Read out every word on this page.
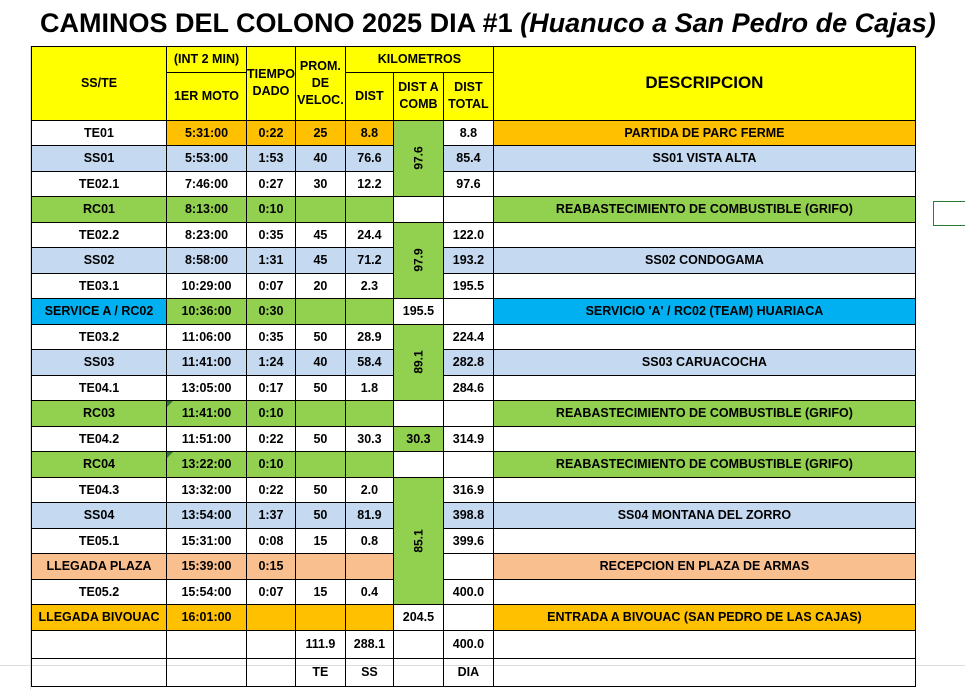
CAMINOS DEL COLONO 2025 DIA #1 (Huanuco a San Pedro de Cajas)
SS/TE	(INT 2 MIN)	TIEMPO DADO	PROM. DE VELOC.	KILOMETROS			DESCRIPCION
	1ER MOTO			DIST	DIST A COMB	DIST TOTAL	
TE01	5:31:00	0:22	25	8.8	97.6	8.8	PARTIDA DE PARC FERME
SS01	5:53:00	1:53	40	76.6		85.4	SS01 VISTA ALTA
TE02.1	7:46:00	0:27	30	12.2		97.6	
RC01	8:13:00	0:10					REABASTECIMIENTO DE COMBUSTIBLE (GRIFO)
TE02.2	8:23:00	0:35	45	24.4	97.9	122.0	
SS02	8:58:00	1:31	45	71.2		193.2	SS02 CONDOGAMA
TE03.1	10:29:00	0:07	20	2.3		195.5	
SERVICE A / RC02	10:36:00	0:30			195.5		SERVICIO 'A' / RC02 (TEAM) HUARIACA
TE03.2	11:06:00	0:35	50	28.9	89.1	224.4	
SS03	11:41:00	1:24	40	58.4		282.8	SS03 CARUACOCHA
TE04.1	13:05:00	0:17	50	1.8		284.6	
RC03	11:41:00	0:10					REABASTECIMIENTO DE COMBUSTIBLE (GRIFO)
TE04.2	11:51:00	0:22	50	30.3	30.3	314.9	
RC04	13:22:00	0:10					REABASTECIMIENTO DE COMBUSTIBLE (GRIFO)
TE04.3	13:32:00	0:22	50	2.0	85.1	316.9	
SS04	13:54:00	1:37	50	81.9		398.8	SS04 MONTANA DEL ZORRO
TE05.1	15:31:00	0:08	15	0.8		399.6	
LLEGADA PLAZA	15:39:00	0:15					RECEPCION EN PLAZA DE ARMAS
TE05.2	15:54:00	0:07	15	0.4		400.0	
LLEGADA BIVOUAC	16:01:00				204.5		ENTRADA A BIVOUAC (SAN PEDRO DE LAS CAJAS)
			111.9	288.1		400.0	
			TE	SS		DIA	
